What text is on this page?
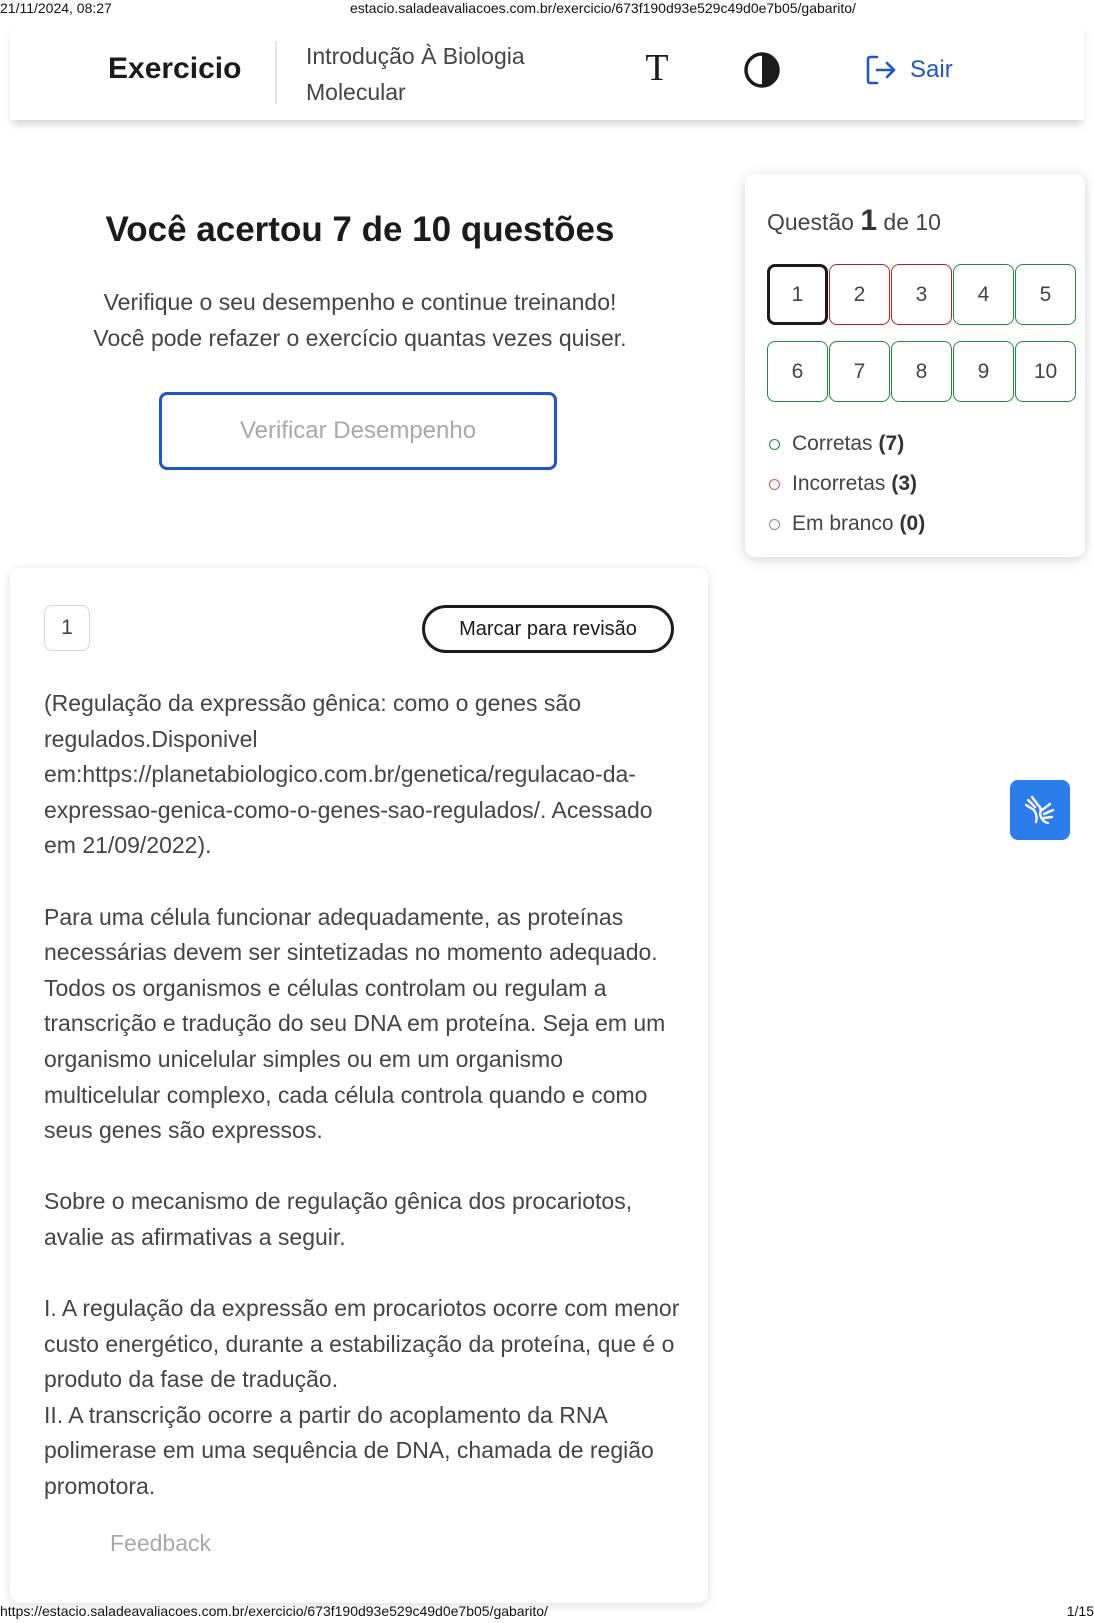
21/11/2024, 08:27	estacio.saladeavaliacoes.com.br/exercicio/673f190d93e529c49d0e7b05/gabarito/
Exercicio	Introdução À Biologia Molecular
T	Sair
Você acertou 7 de 10 questões
Verifique o seu desempenho e continue treinando!
Você pode refazer o exercício quantas vezes quiser.
Verificar Desempenho
Questão 1 de 10
1	2	3	4	5
6	7	8	9	10
Corretas (7)
Incorretas (3)
Em branco (0)
1	Marcar para revisão

(Regulação da expressão gênica: como o genes são regulados.Disponivel em:https://planetabiologico.com.br/genetica/regulacao-da-expressao-genica-como-o-genes-sao-regulados/. Acessado em 21/09/2022).

Para uma célula funcionar adequadamente, as proteínas necessárias devem ser sintetizadas no momento adequado. Todos os organismos e células controlam ou regulam a transcrição e tradução do seu DNA em proteína. Seja em um organismo unicelular simples ou em um organismo multicelular complexo, cada célula controla quando e como seus genes são expressos.

Sobre o mecanismo de regulação gênica dos procariotos, avalie as afirmativas a seguir.

I. A regulação da expressão em procariotos ocorre com menor custo energético, durante a estabilização da proteína, que é o produto da fase de tradução.

II. A transcrição ocorre a partir do acoplamento da RNA polimerase em uma sequência de DNA, chamada de região promotora.

Feedback
https://estacio.saladeavaliacoes.com.br/exercicio/673f190d93e529c49d0e7b05/gabarito/	1/15
